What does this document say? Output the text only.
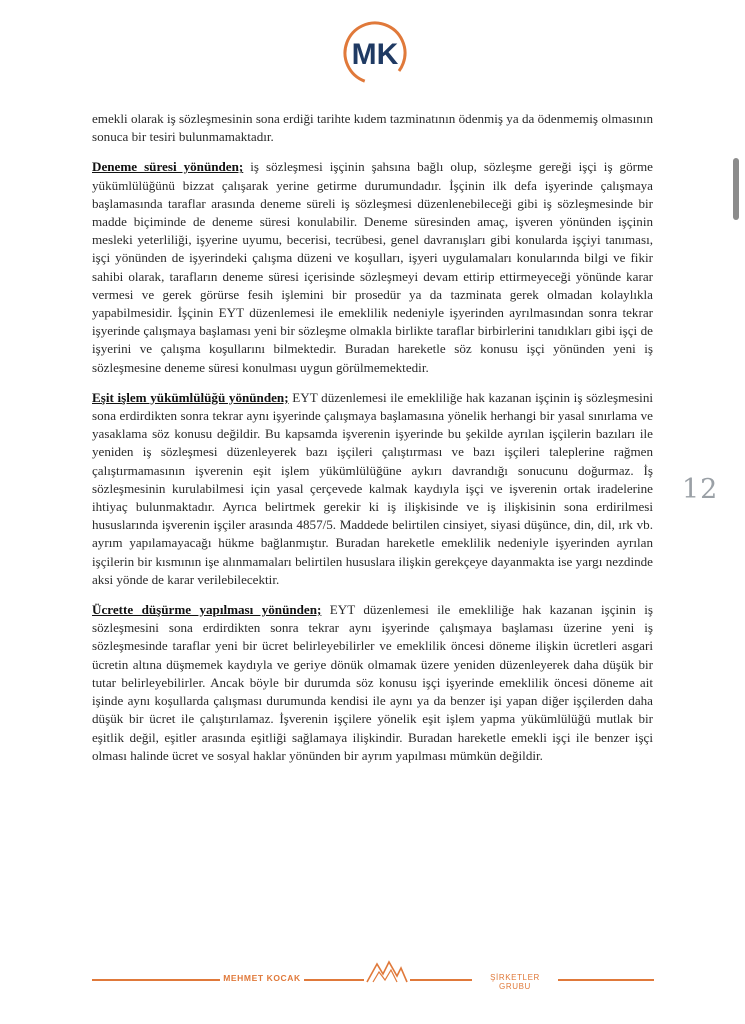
MK

emekli olarak iş sözleşmesinin sona erdiği tarihte kıdem tazminatının ödenmiş ya da ödenmemiş olmasının sonuca bir tesiri bulunmamaktadır.

Deneme süresi yönünden; iş sözleşmesi işçinin şahsına bağlı olup, sözleşme gereği işçi iş görme yükümlülüğünü bizzat çalışarak yerine getirme durumundadır. İşçinin ilk defa işyerinde çalışmaya başlamasında taraflar arasında deneme süreli iş sözleşmesi düzenlenebileceği gibi iş sözleşmesinde bir madde biçiminde de deneme süresi konulabilir. Deneme süresinden amaç, işveren yönünden işçinin mesleki yeterliliği, işyerine uyumu, becerisi, tecrübesi, genel davranışları gibi konularda işçiyi tanıması, işçi yönünden de işyerindeki çalışma düzeni ve koşulları, işyeri uygulamaları konularında bilgi ve fikir sahibi olarak, tarafların deneme süresi içerisinde sözleşmeyi devam ettirip ettirmeyeceği yönünde karar vermesi ve gerek görürse fesih işlemini bir prosedür ya da tazminata gerek olmadan kolaylıkla yapabilmesidir. İşçinin EYT düzenlemesi ile emeklilik nedeniyle işyerinden ayrılmasından sonra tekrar işyerinde çalışmaya başlaması yeni bir sözleşme olmakla birlikte taraflar birbirlerini tanıdıkları gibi işçi de işyerini ve çalışma koşullarını bilmektedir. Buradan hareketle söz konusu işçi yönünden yeni iş sözleşmesine deneme süresi konulması uygun görülmemektedir.

Eşit işlem yükümlülüğü yönünden; EYT düzenlemesi ile emekliliğe hak kazanan işçinin iş sözleşmesini sona erdirdikten sonra tekrar aynı işyerinde çalışmaya başlamasına yönelik herhangi bir yasal sınırlama ve yasaklama söz konusu değildir. Bu kapsamda işverenin işyerinde bu şekilde ayrılan işçilerin bazıları ile yeniden iş sözleşmesi düzenleyerek bazı işçileri çalıştırması ve bazı işçileri taleplerine rağmen çalıştırmamasının işverenin eşit işlem yükümlülüğüne aykırı davrandığı sonucunu doğurmaz. İş sözleşmesinin kurulabilmesi için yasal çerçevede kalmak kaydıyla işçi ve işverenin ortak iradelerine ihtiyaç bulunmaktadır. Ayrıca belirtmek gerekir ki iş ilişkisinde ve iş ilişkisinin sona erdirilmesi hususlarında işverenin işçiler arasında 4857/5. Maddede belirtilen cinsiyet, siyasi düşünce, din, dil, ırk vb. ayrım yapılamayacağı hükme bağlanmıştır. Buradan hareketle emeklilik nedeniyle işyerinden ayrılan işçilerin bir kısmının işe alınmamaları belirtilen hususlara ilişkin gerekçeye dayanmakta ise yargı nezdinde aksi yönde de karar verilebilecektir.

Ücrette düşürme yapılması yönünden; EYT düzenlemesi ile emekliliğe hak kazanan işçinin iş sözleşmesini sona erdirdikten sonra tekrar aynı işyerinde çalışmaya başlaması üzerine yeni iş sözleşmesinde taraflar yeni bir ücret belirleyebilirler ve emeklilik öncesi döneme ilişkin ücretleri asgari ücretin altına düşmemek kaydıyla ve geriye dönük olmamak üzere yeniden düzenleyerek daha düşük bir tutar belirleyebilirler. Ancak böyle bir durumda söz konusu işçi işyerinde emeklilik öncesi döneme ait işinde aynı koşullarda çalışması durumunda kendisi ile aynı ya da benzer işi yapan diğer işçilerden daha düşük bir ücret ile çalıştırılamaz. İşverenin işçilere yönelik eşit işlem yapma yükümlülüğü mutlak bir eşitlik değil, eşitler arasında eşitliği sağlamaya ilişkindir. Buradan hareketle emekli işçi ile benzer işçi olması halinde ücret ve sosyal haklar yönünden bir ayrım yapılması mümkün değildir.

12
MEHMET KOCAK	ŞİRKETLER GRUBU
